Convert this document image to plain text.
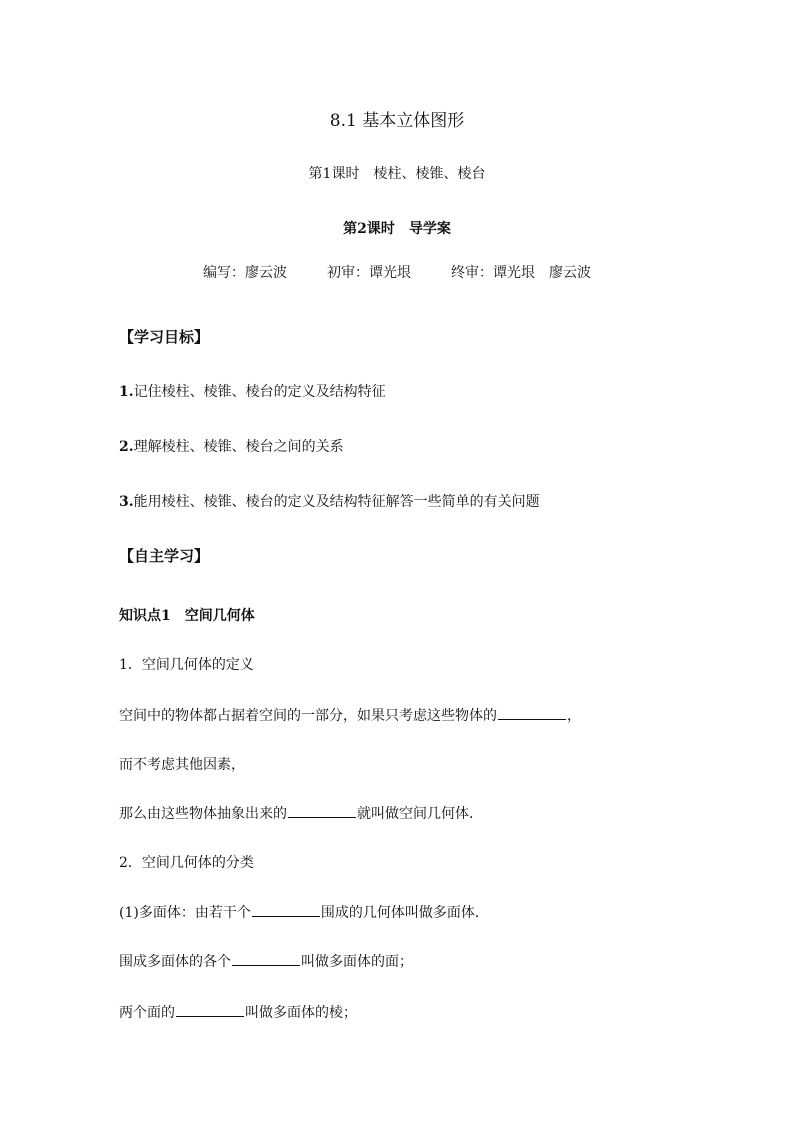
8.1 基本立体图形
第1课时　棱柱、棱锥、棱台
第2课时　导学案
编写：廖云波	初审：谭光垠	终审：谭光垠　廖云波
【学习目标】
1.记住棱柱、棱锥、棱台的定义及结构特征
2.理解棱柱、棱锥、棱台之间的关系
3.能用棱柱、棱锥、棱台的定义及结构特征解答一些简单的有关问题
【自主学习】
知识点1　空间几何体
1．空间几何体的定义
空间中的物体都占据着空间的一部分，如果只考虑这些物体的	，
而不考虑其他因素，
那么由这些物体抽象出来的	就叫做空间几何体．
2．空间几何体的分类
(1)多面体：由若干个	围成的几何体叫做多面体．
围成多面体的各个	叫做多面体的面；
两个面的	叫做多面体的棱；
